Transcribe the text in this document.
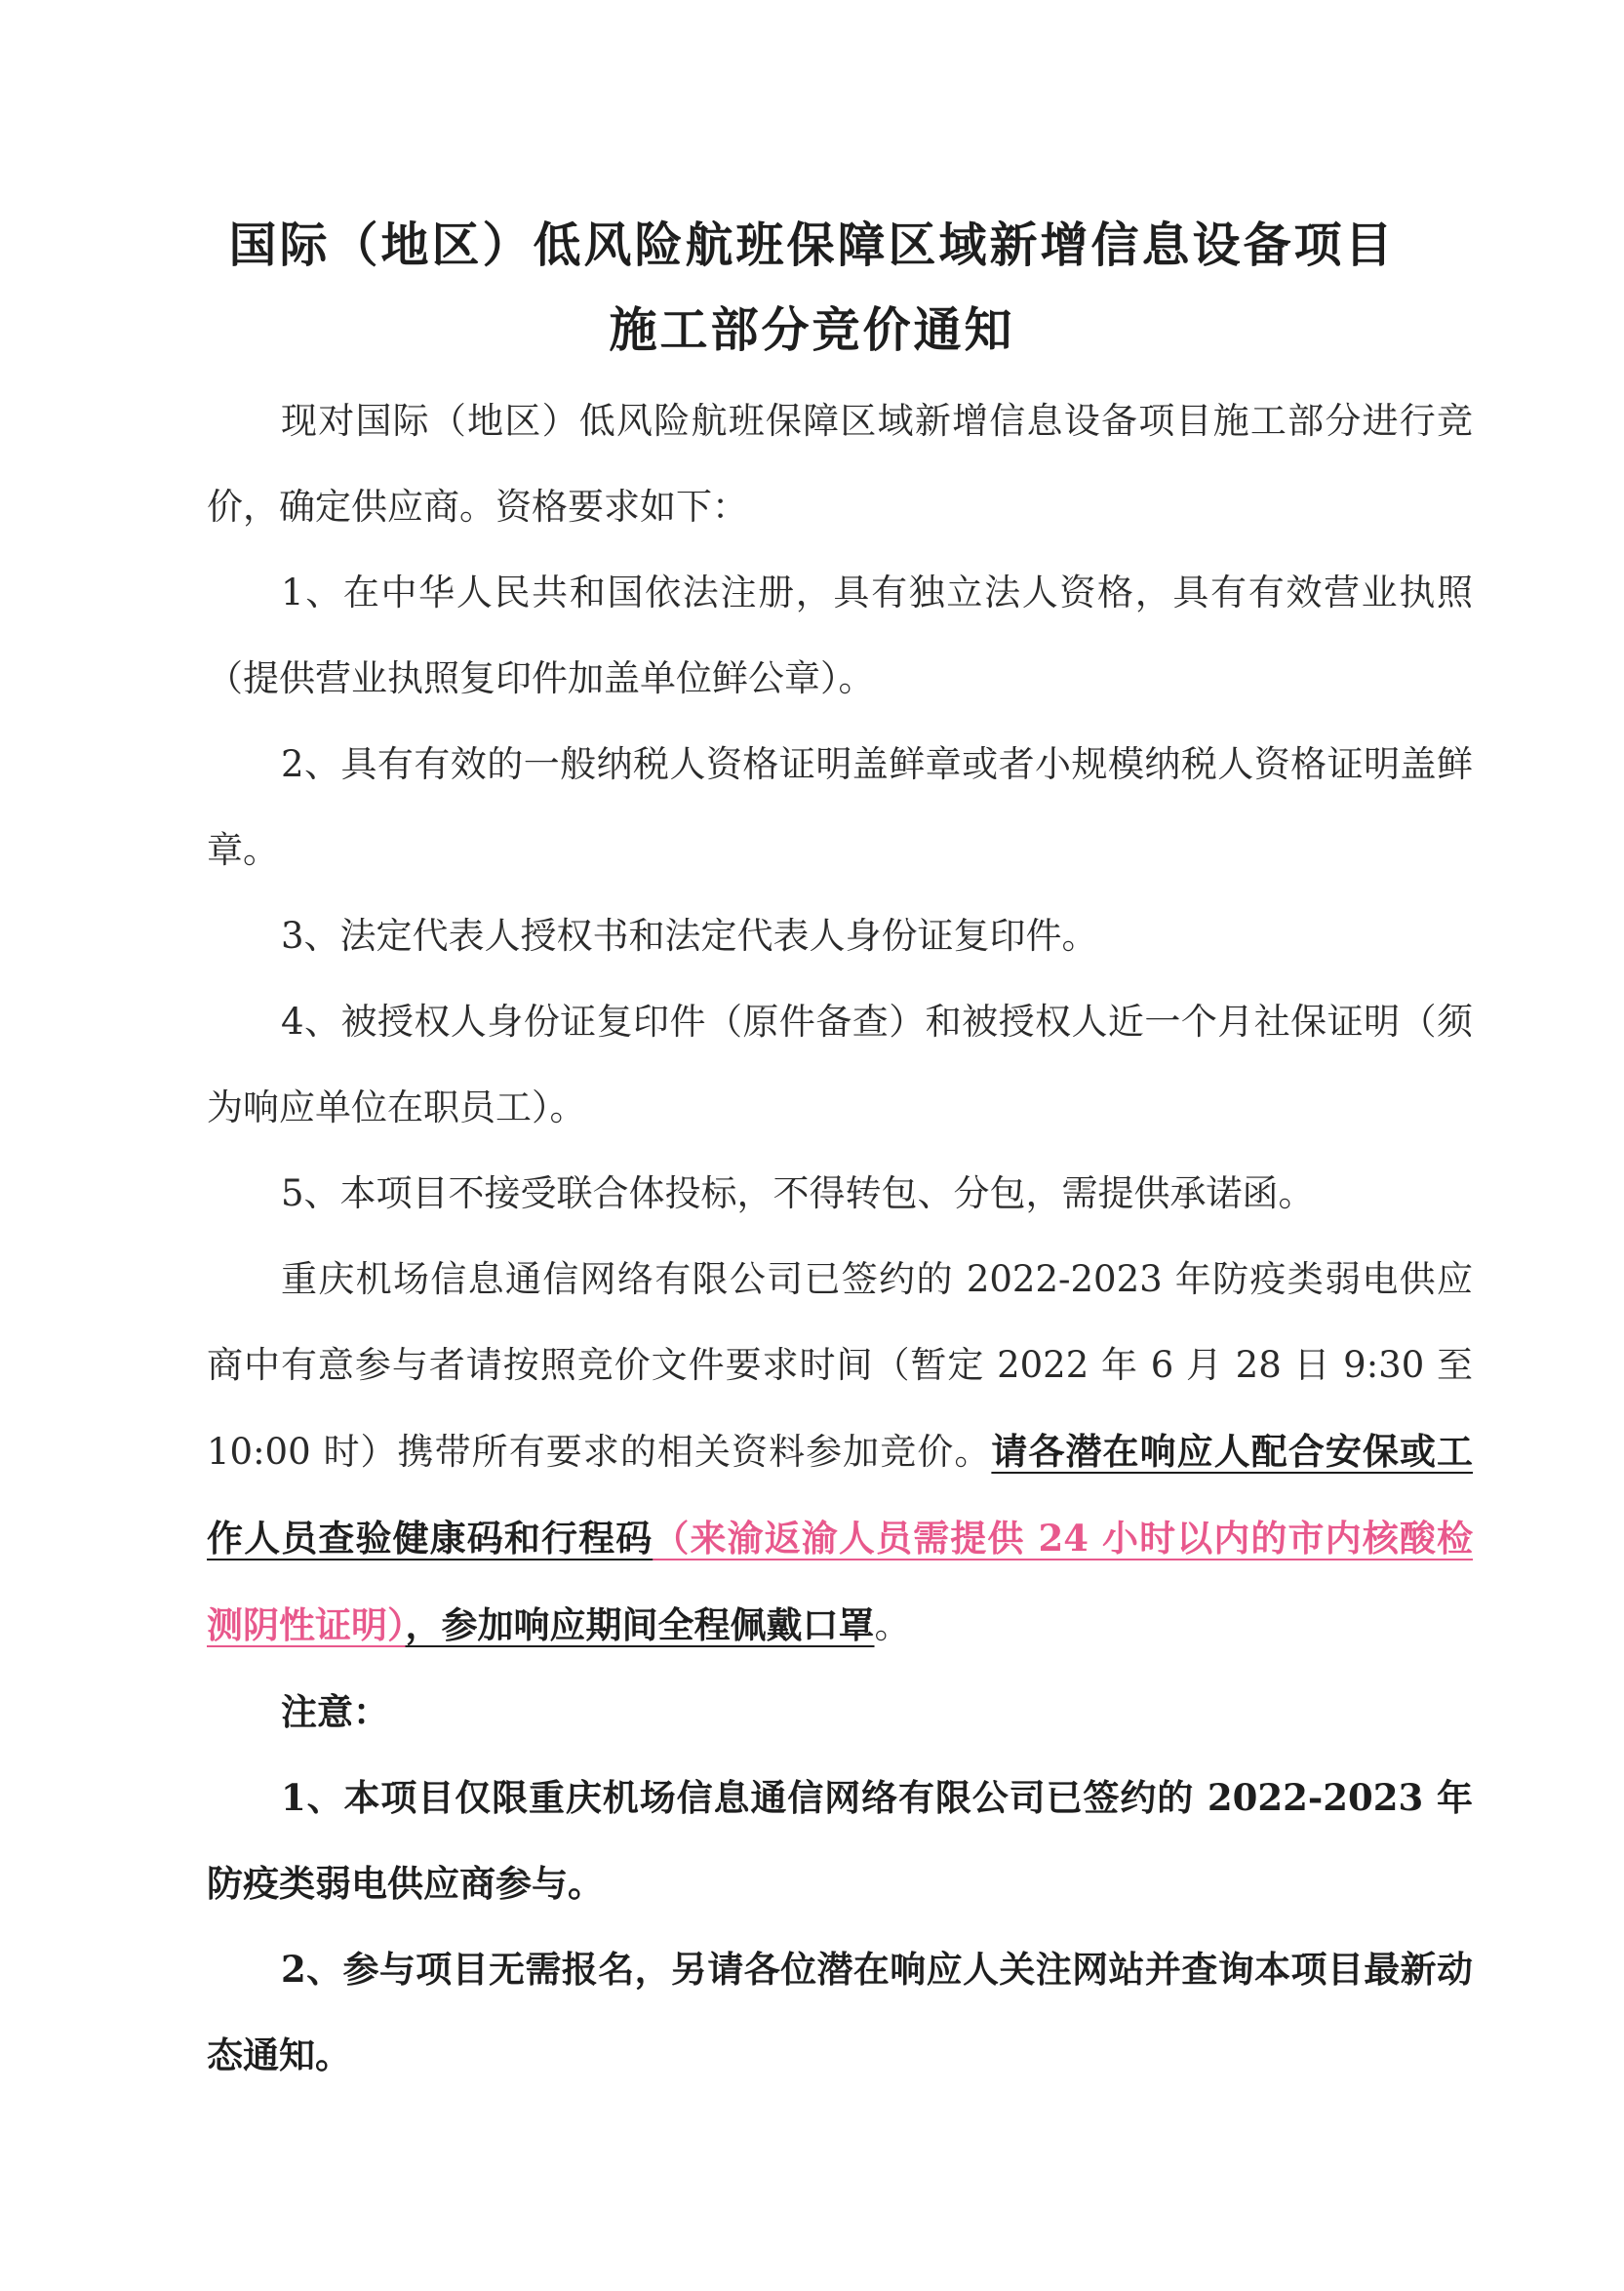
国际（地区）低风险航班保障区域新增信息设备项目
施工部分竞价通知

现对国际（地区）低风险航班保障区域新增信息设备项目施工部分进行竞价，确定供应商。资格要求如下：

1、在中华人民共和国依法注册，具有独立法人资格，具有有效营业执照（提供营业执照复印件加盖单位鲜公章）。

2、具有有效的一般纳税人资格证明盖鲜章或者小规模纳税人资格证明盖鲜章。

3、法定代表人授权书和法定代表人身份证复印件。

4、被授权人身份证复印件（原件备查）和被授权人近一个月社保证明（须为响应单位在职员工）。

5、本项目不接受联合体投标，不得转包、分包，需提供承诺函。

重庆机场信息通信网络有限公司已签约的 2022-2023 年防疫类弱电供应商中有意参与者请按照竞价文件要求时间（暂定 2022 年 6 月 28 日 9:30 至 10:00 时）携带所有要求的相关资料参加竞价。请各潜在响应人配合安保或工作人员查验健康码和行程码（来渝返渝人员需提供 24 小时以内的市内核酸检测阴性证明），参加响应期间全程佩戴口罩。

注意：

1、本项目仅限重庆机场信息通信网络有限公司已签约的 2022-2023 年防疫类弱电供应商参与。

2、参与项目无需报名，另请各位潜在响应人关注网站并查询本项目最新动态通知。
